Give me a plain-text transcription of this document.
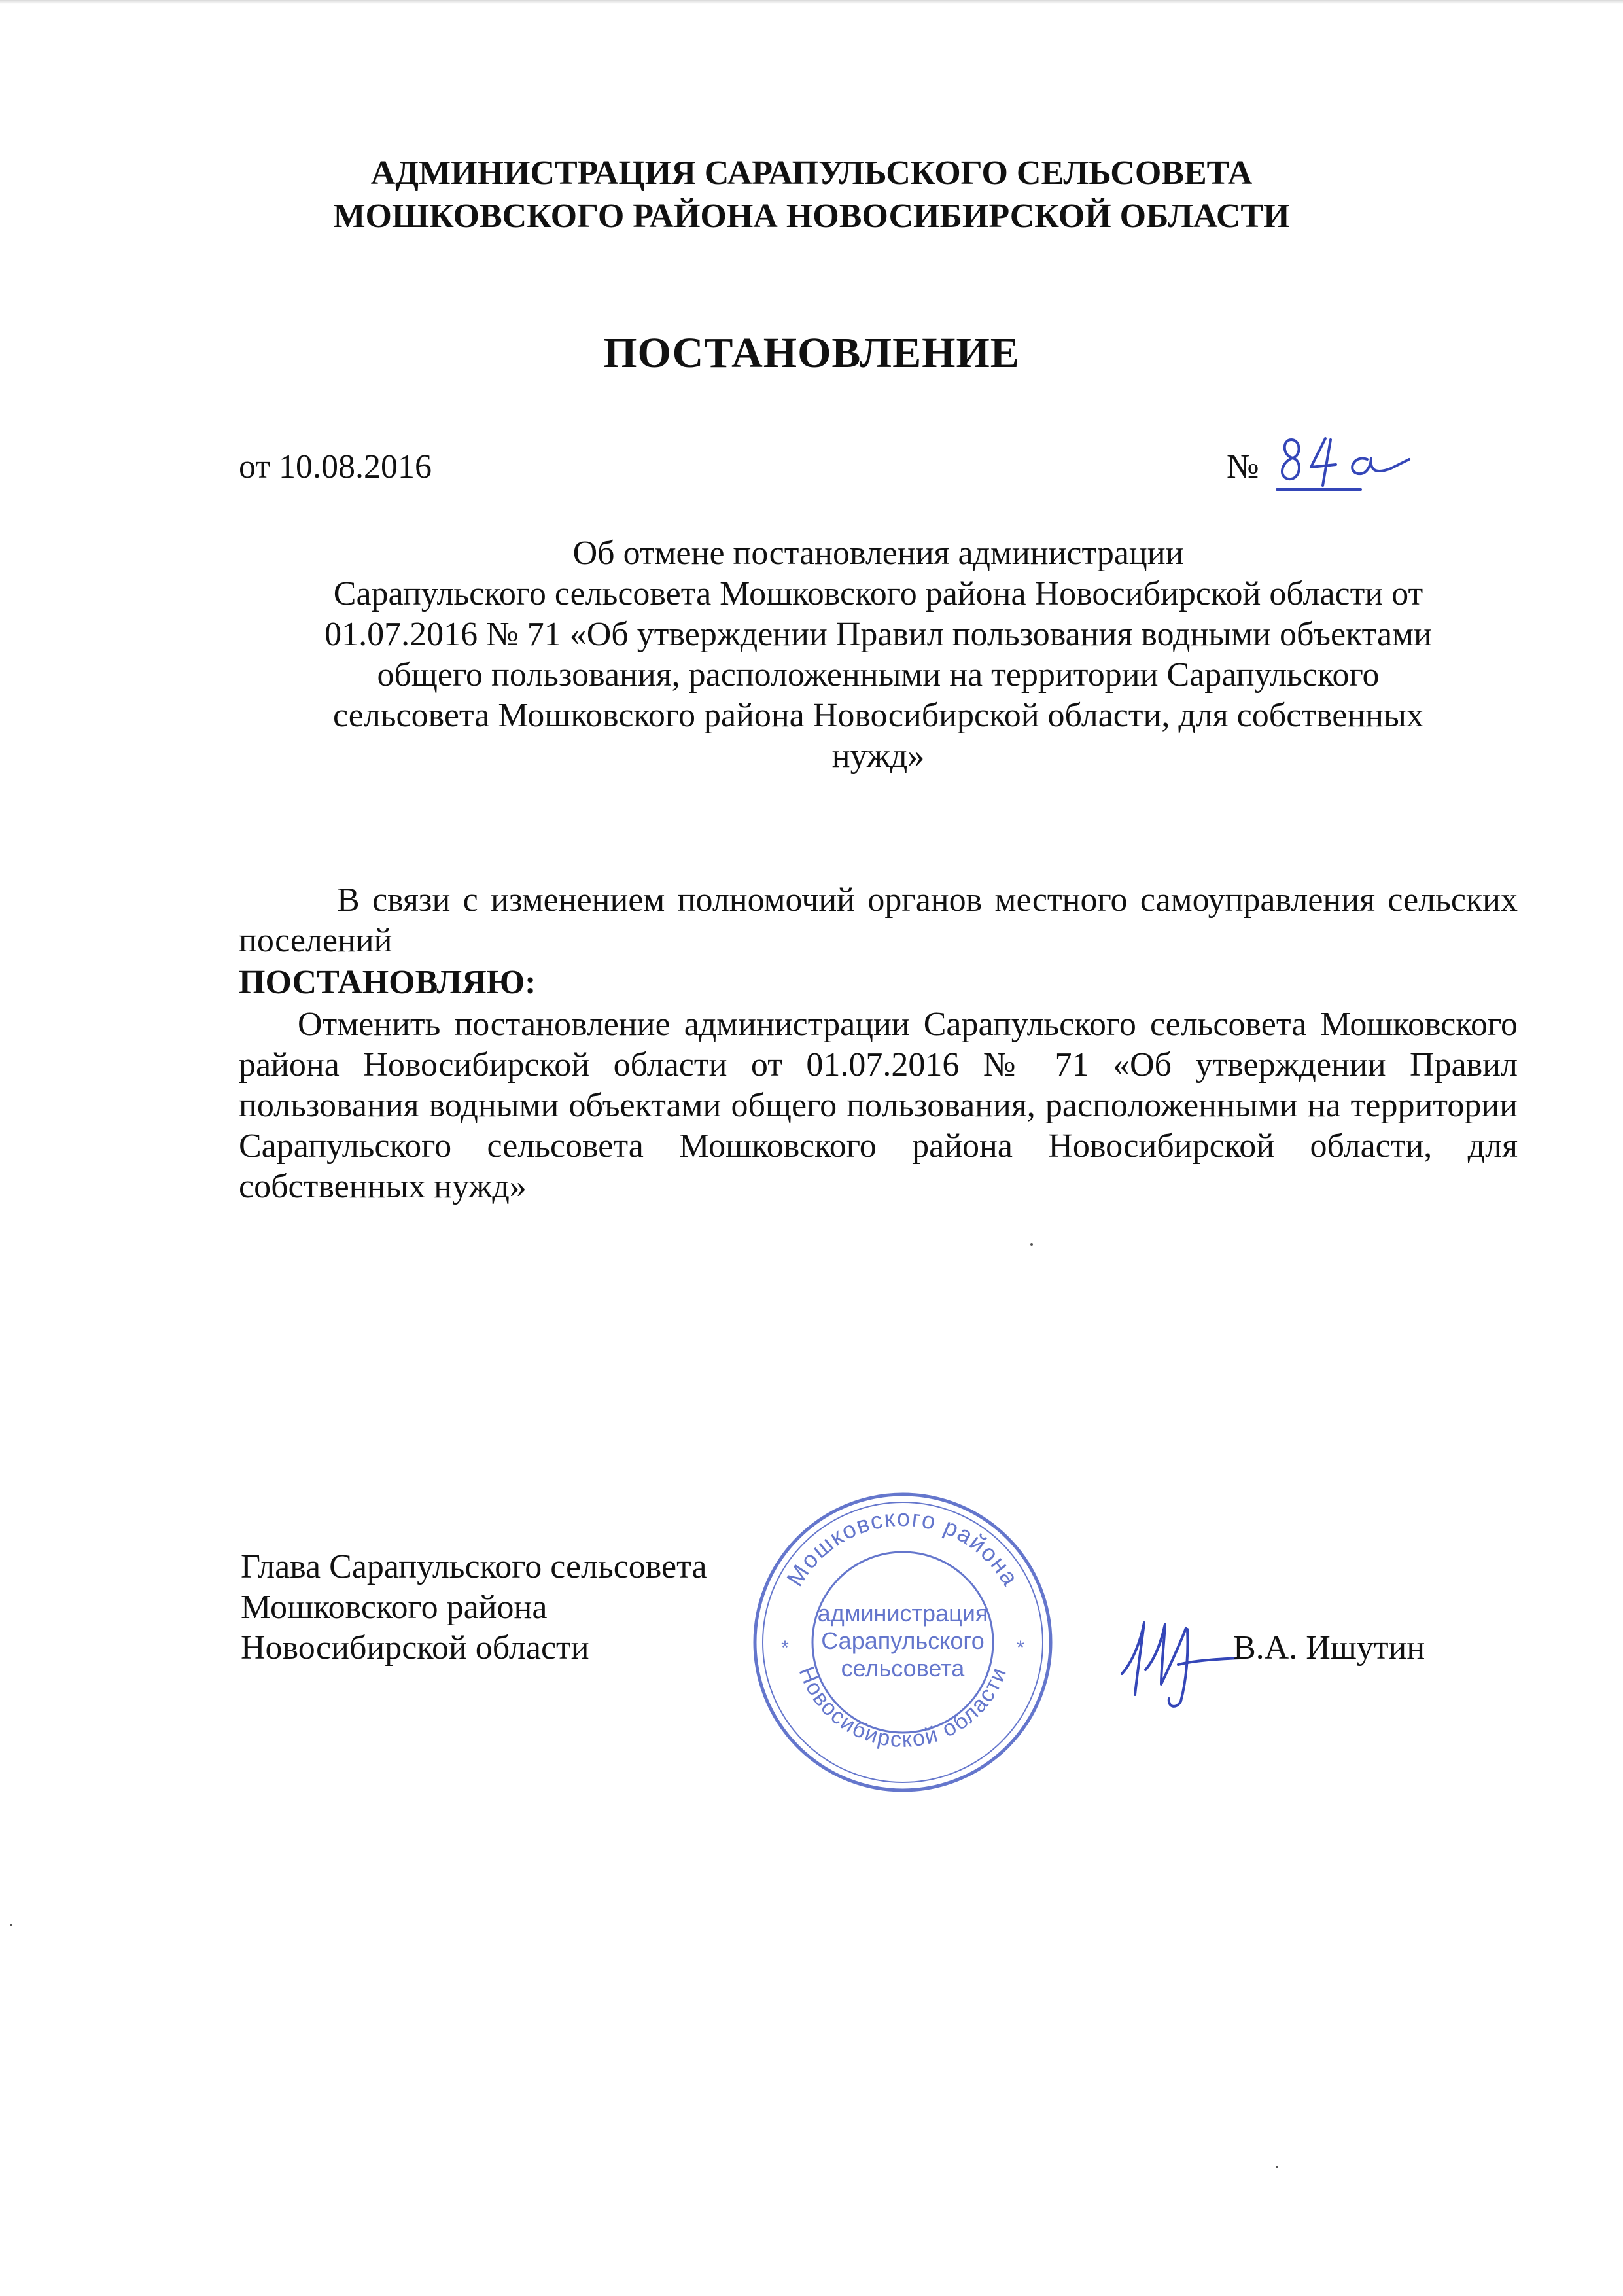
АДМИНИСТРАЦИЯ САРАПУЛЬСКОГО СЕЛЬСОВЕТА
МОШКОВСКОГО РАЙОНА НОВОСИБИРСКОЙ ОБЛАСТИ
ПОСТАНОВЛЕНИЕ
от 10.08.2016	№
Об отмене постановления администрации
Сарапульского сельсовета Мошковского района Новосибирской области от
01.07.2016 № 71 «Об утверждении Правил пользования водными объектами
общего пользования, расположенными на территории Сарапульского
сельсовета Мошковского района Новосибирской области, для собственных
нужд»
В связи с изменением полномочий органов местного самоуправления сельских поселений
ПОСТАНОВЛЯЮ:
Отменить постановление администрации Сарапульского сельсовета Мошковского района Новосибирской области от 01.07.2016 № 71 «Об утверждении Правил пользования водными объектами общего пользования, расположенными на территории Сарапульского сельсовета Мошковского района Новосибирской области, для собственных нужд»
Глава Сарапульского сельсовета
Мошковского района
Новосибирской области
Мошковского района
Новосибирской области
*	*
администрация
Сарапульского
сельсовета
В.А. Ишутин
